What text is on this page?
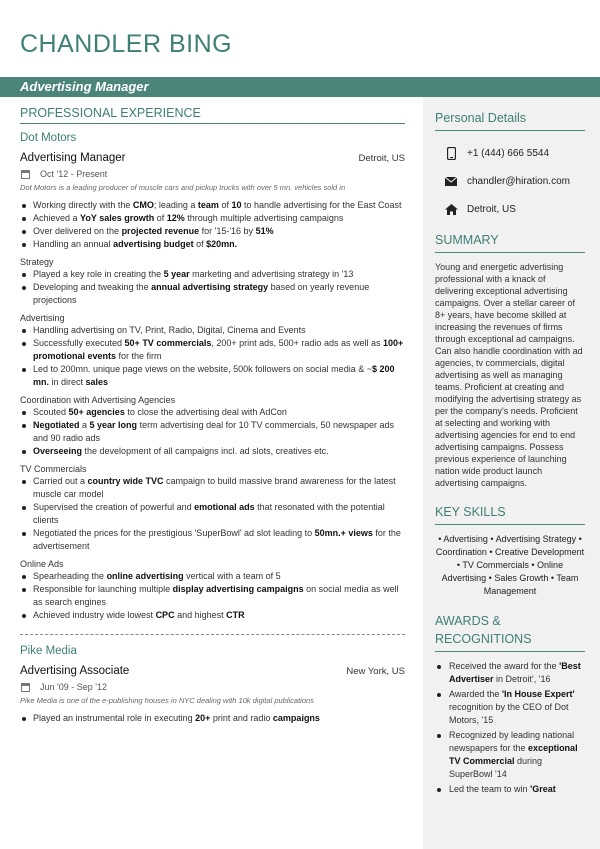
CHANDLER BING
Advertising Manager
PROFESSIONAL EXPERIENCE
Dot Motors
Advertising Manager	Detroit, US
Oct '12 - Present
Dot Motors is a leading producer of muscle cars and pickup trucks with over 5 mn. vehicles sold in
Working directly with the CMO; leading a team of 10 to handle advertising for the East Coast
Achieved a YoY sales growth of 12% through multiple advertising campaigns
Over delivered on the projected revenue for '15-'16 by 51%
Handling an annual advertising budget of $20mn.
Strategy
Played a key role in creating the 5 year marketing and advertising strategy in '13
Developing and tweaking the annual advertising strategy based on yearly revenue projections
Advertising
Handling advertising on TV, Print, Radio, Digital, Cinema and Events
Successfully executed 50+ TV commercials, 200+ print ads, 500+ radio ads as well as 100+ promotional events for the firm
Led to 200mn. unique page views on the website, 500k followers on social media & ~$ 200 mn. in direct sales
Coordination with Advertising Agencies
Scouted 50+ agencies to close the advertising deal with AdCon
Negotiated a 5 year long term advertising deal for 10 TV commercials, 50 newspaper ads and 90 radio ads
Overseeing the development of all campaigns incl. ad slots, creatives etc.
TV Commercials
Carried out a country wide TVC campaign to build massive brand awareness for the latest muscle car model
Supervised the creation of powerful and emotional ads that resonated with the potential clients
Negotiated the prices for the prestigious 'SuperBowl' ad slot leading to 50mn.+ views for the advertisement
Online Ads
Spearheading the online advertising vertical with a team of 5
Responsible for launching multiple display advertising campaigns on social media as well as search engines
Achieved industry wide lowest CPC and highest CTR
Pike Media
Advertising Associate	New York, US
Jun '09 - Sep '12
Pike Media is one of the e-publishing houses in NYC dealing with 10k digital publications
Played an instrumental role in executing 20+ print and radio campaigns
Personal Details
+1 (444) 666 5544
chandler@hiration.com
Detroit, US
SUMMARY
Young and energetic advertising professional with a knack of delivering exceptional advertising campaigns. Over a stellar career of 8+ years, have become skilled at increasing the revenues of firms through exceptional ad campaigns. Can also handle coordination with ad agencies, tv commercials, digital advertising as well as managing teams. Proficient at creating and modifying the advertising strategy as per the company's needs. Proficient at selecting and working with advertising agencies for end to end advertising campaigns. Possess previous experience of launching nation wide product launch advertising campaigns.
KEY SKILLS
• Advertising • Advertising Strategy • Coordination • Creative Development • TV Commercials • Online Advertising • Sales Growth • Team Management
AWARDS & RECOGNITIONS
Received the award for the 'Best Advertiser in Detroit', '16
Awarded the 'In House Expert' recognition by the CEO of Dot Motors, '15
Recognized by leading national newspapers for the exceptional TV Commercial during SuperBowl '14
Led the team to win 'Great
